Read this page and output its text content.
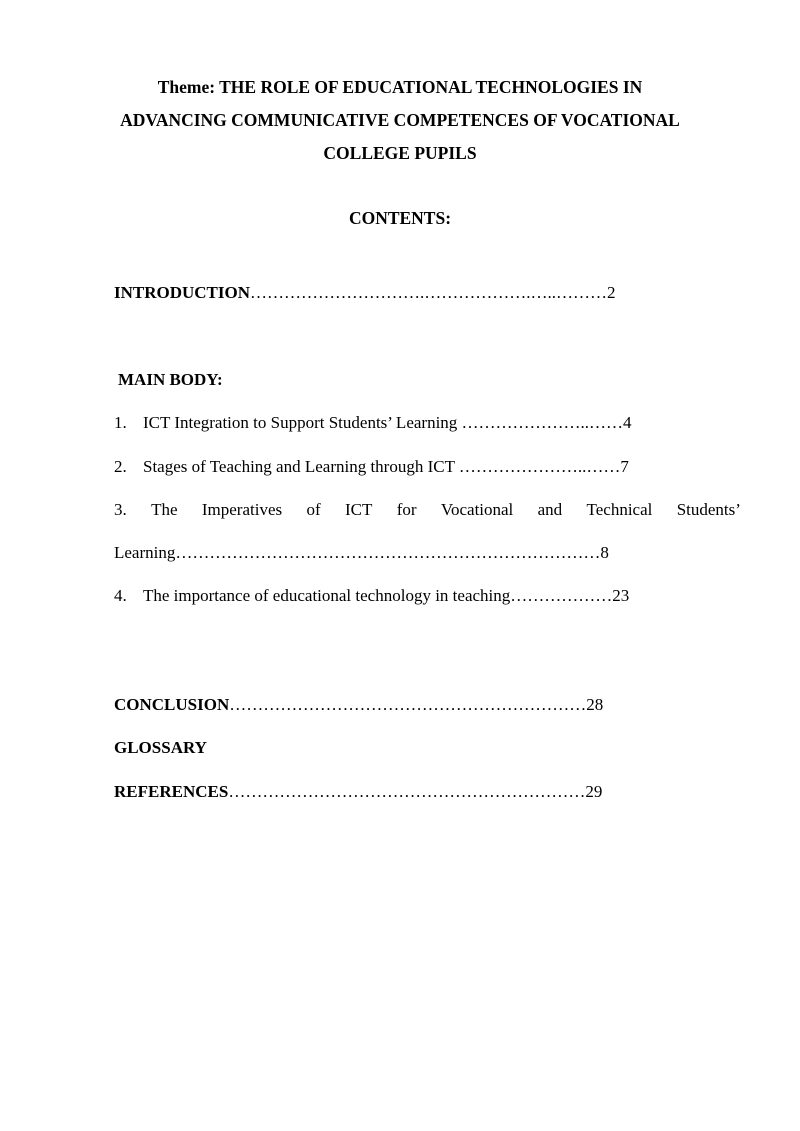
Theme: THE ROLE OF EDUCATIONAL TECHNOLOGIES IN
ADVANCING COMMUNICATIVE COMPETENCES OF VOCATIONAL
COLLEGE PUPILS
CONTENTS:
INTRODUCTION………………………….……………….…..………2
MAIN BODY:
1. ICT Integration to Support Students’ Learning …………………..……4
2. Stages of Teaching and Learning through ICT …………………..……7
3. The Imperatives of ICT for Vocational and Technical Students’
Learning…………………………………………………………………8
4. The importance of educational technology in teaching………………23
CONCLUSION………………………………………………………28
GLOSSARY
REFERENCES………………………………………………………29
